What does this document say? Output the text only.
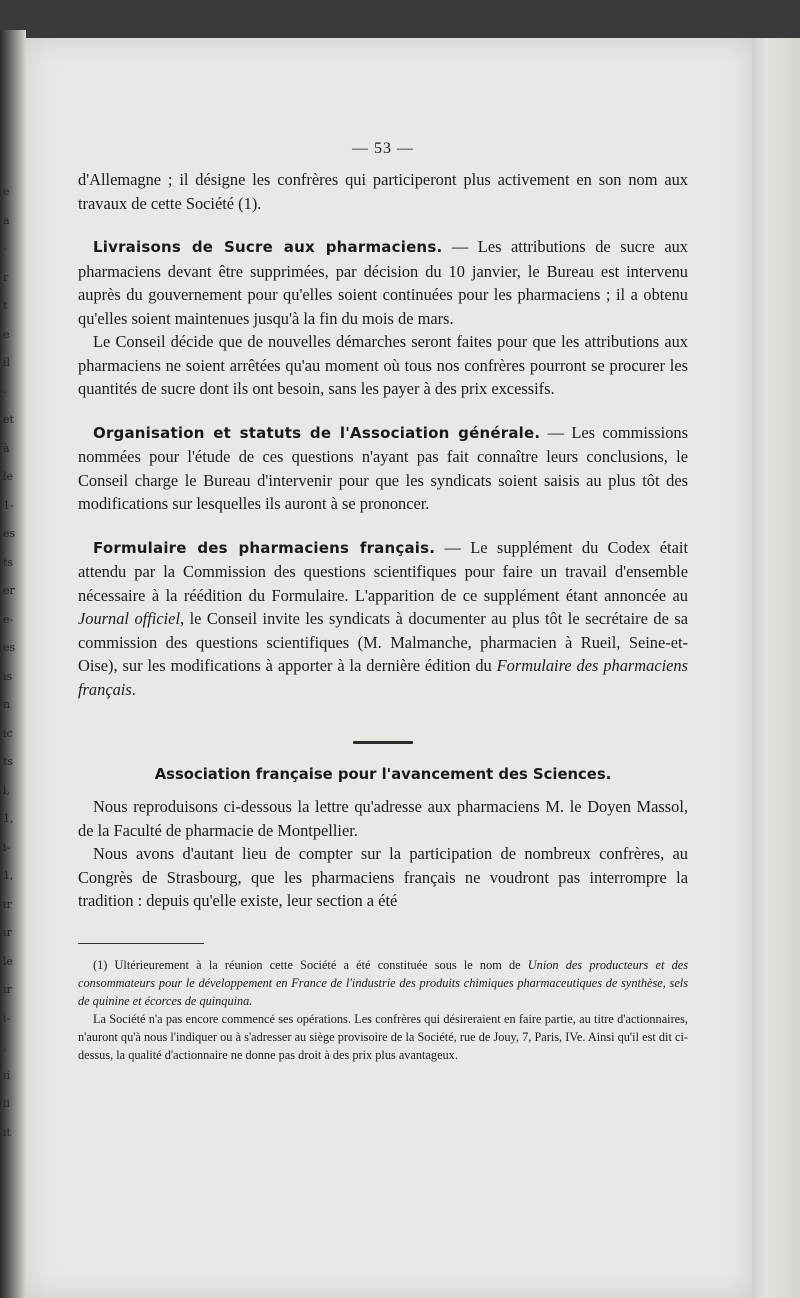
e
a
-
r
t
e
il
-
et
à
le
1-
es
ts
er
e-
es
ıs
n
ic
ts
l,
1,
i-
1,
ır
ır
le
ır
i-
,
ıi
ii
ıt
— 53 —

d'Allemagne ; il désigne les confrères qui participeront plus activement en son nom aux travaux de cette Société (1).

Livraisons de Sucre aux pharmaciens. — Les attributions de sucre aux pharmaciens devant être supprimées, par décision du 10 janvier, le Bureau est intervenu auprès du gouvernement pour qu'elles soient continuées pour les pharmaciens ; il a obtenu qu'elles soient maintenues jusqu'à la fin du mois de mars.

Le Conseil décide que de nouvelles démarches seront faites pour que les attributions aux pharmaciens ne soient arrêtées qu'au moment où tous nos confrères pourront se procurer les quantités de sucre dont ils ont besoin, sans les payer à des prix excessifs.

Organisation et statuts de l'Association générale. — Les commissions nommées pour l'étude de ces questions n'ayant pas fait connaître leurs conclusions, le Conseil charge le Bureau d'intervenir pour que les syndicats soient saisis au plus tôt des modifications sur lesquelles ils auront à se prononcer.

Formulaire des pharmaciens français. — Le supplément du Codex était attendu par la Commission des questions scientifiques pour faire un travail d'ensemble nécessaire à la réédition du Formulaire. L'apparition de ce supplément étant annoncée au Journal officiel, le Conseil invite les syndicats à documenter au plus tôt le secrétaire de sa commission des questions scientifiques (M. Malmanche, pharmacien à Rueil, Seine-et-Oise), sur les modifications à apporter à la dernière édition du Formulaire des pharmaciens français.

Association française pour l'avancement des Sciences.

Nous reproduisons ci-dessous la lettre qu'adresse aux pharmaciens M. le Doyen Massol, de la Faculté de pharmacie de Montpellier.

Nous avons d'autant lieu de compter sur la participation de nombreux confrères, au Congrès de Strasbourg, que les pharmaciens français ne voudront pas interrompre la tradition : depuis qu'elle existe, leur section a été

(1) Ultérieurement à la réunion cette Société a été constituée sous le nom de Union des producteurs et des consommateurs pour le développement en France de l'industrie des produits chimiques pharmaceutiques de synthèse, sels de quinine et écorces de quinquina.

La Société n'a pas encore commencé ses opérations. Les confrères qui désireraient en faire partie, au titre d'actionnaires, n'auront qu'à nous l'indiquer ou à s'adresser au siège provisoire de la Société, rue de Jouy, 7, Paris, IVe. Ainsi qu'il est dit ci-dessus, la qualité d'actionnaire ne donne pas droit à des prix plus avantageux.
